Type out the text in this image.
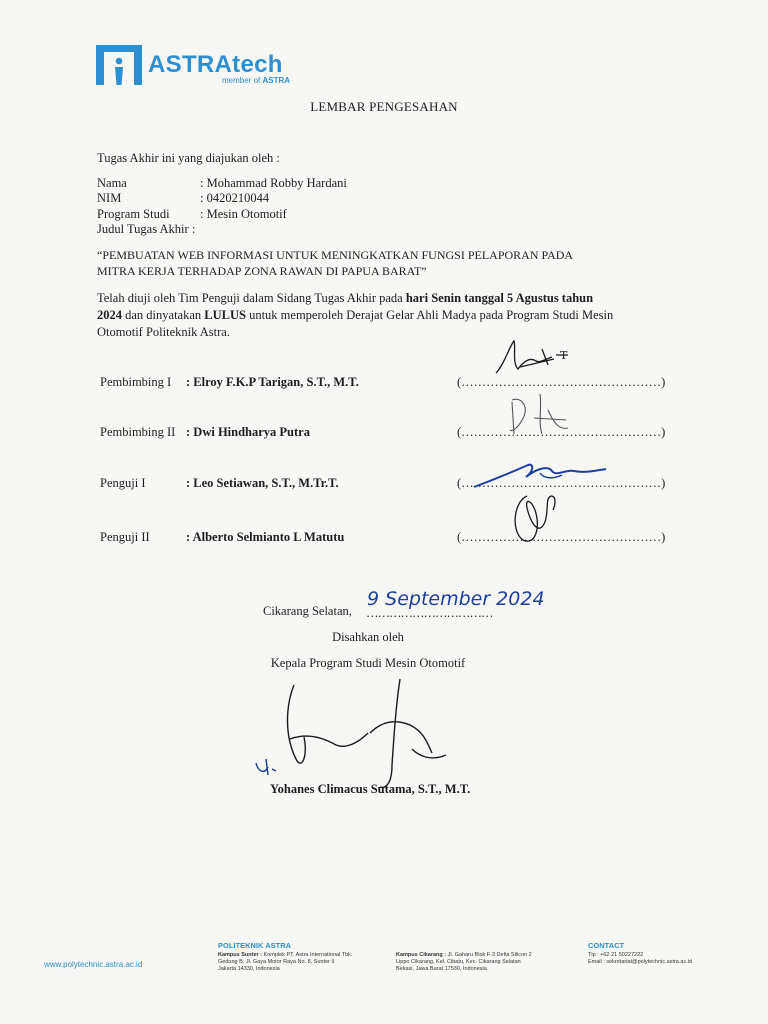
ASTRAtech
member of ASTRA
LEMBAR PENGESAHAN
Tugas Akhir ini yang diajukan oleh :
Nama	: Mohammad Robby Hardani
NIM	: 0420210044
Program Studi : Mesin Otomotif
Judul Tugas Akhir :
“PEMBUATAN WEB INFORMASI UNTUK MENINGKATKAN FUNGSI PELAPORAN PADA
MITRA KERJA TERHADAP ZONA RAWAN DI PAPUA BARAT”
Telah diuji oleh Tim Penguji dalam Sidang Tugas Akhir pada hari Senin tanggal 5 Agustus tahun
2024 dan dinyatakan LULUS untuk memperoleh Derajat Gelar Ahli Madya pada Program Studi Mesin
Otomotif Politeknik Astra.
Pembimbing I : Elroy F.K.P Tarigan, S.T., M.T.	(…………………………………………)
Pembimbing II : Dwi Hindharya Putra	(…………………………………………)
Penguji I	: Leo Setiawan, S.T., M.Tr.T.	(…………………………………………)
Penguji II	: Alberto Selmianto L Matutu	(…………………………………………)
T
Cikarang Selatan, ……………………………
9 September 2024
Disahkan oleh
Kepala Program Studi Mesin Otomotif
Yohanes Climacus Sutama, S.T., M.T.
www.polytechnic.astra.ac.id
POLITEKNIK ASTRA
Kampus Sunter : Komplek PT. Astra International Tbk.
Gedung B, Jl. Gaya Motor Raya No. 8, Sunter II
Jakarta 14330, Indonesia
Kampus Cikarang : Jl. Gaharu Blok F-3 Delta Silicon 2
Lippo Cikarang, Kel. Cibatu, Kec. Cikarang Selatan
Bekasi, Jawa Barat 17530, Indonesia
CONTACT
Tlp : +62 21 50227222
Email : sekretariat@polytechnic.astra.ac.id
